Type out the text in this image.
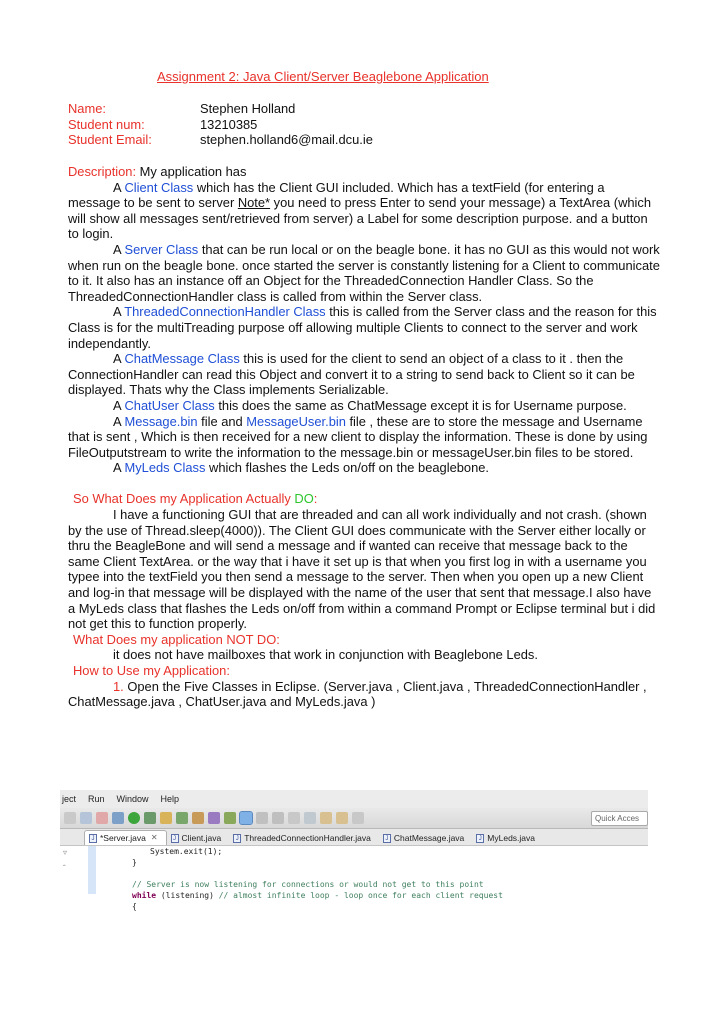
Assignment 2: Java Client/Server Beaglebone Application
Name:	Stephen Holland
Student num:	13210385
Student Email:	stephen.holland6@mail.dcu.ie

Description: My application has

A Client Class which has the Client GUI included. Which has a textField (for entering a message to be sent to server Note* you need to press Enter to send your message) a TextArea (which will show all messages sent/retrieved from server) a Label for some description purpose. and a button to login.

A Server Class that can be run local or on the beagle bone. it has no GUI as this would not work when run on the beagle bone. once started the server is constantly listening for a Client to communicate to it. It also has an instance off an Object for the ThreadedConnection Handler Class. So the ThreadedConnectionHandler class is called from within the Server class.

A ThreadedConnectionHandler Class this is called from the Server class and the reason for this Class is for the multiTreading purpose off allowing multiple Clients to connect to the server and work independantly.

A ChatMessage Class this is used for the client to send an object of a class to it . then the ConnectionHandler can read this Object and convert it to a string to send back to Client so it can be displayed. Thats why the Class implements Serializable.

A ChatUser Class this does the same as ChatMessage except it is for Username purpose.

A Message.bin file and MessageUser.bin file , these are to store the message and Username that is sent , Which is then received for a new client to display the information. These is done by using FileOutputstream to write the information to the message.bin or messageUser.bin files to be stored.

A MyLeds Class which flashes the Leds on/off on the beaglebone.

So What Does my Application Actually DO:

I have a functioning GUI that are threaded and can all work individually and not crash. (shown by the use of Thread.sleep(4000)). The Client GUI does communicate with the Server either locally or thru the BeagleBone and will send a message and if wanted can receive that message back to the same Client TextArea. or the way that i have it set up is that when you first log in with a username you typee into the textField you then send a message to the server. Then when you open up a new Client and log-in that message will be displayed with the name of the user that sent that message.I also have a MyLeds class that flashes the Leds on/off from within a command Prompt or Eclipse terminal but i did not get this to function properly.

What Does my application NOT DO:

it does not have mailboxes that work in conjunction with Beaglebone Leds.

How to Use my Application:

1. Open the Five Classes in Eclipse. (Server.java , Client.java , ThreadedConnectionHandler , ChatMessage.java , ChatUser.java and MyLeds.java )

ject Run Window Help
Quick Acces
J *Server.java ✕	J Client.java	J ThreadedConnectionHandler.java	J ChatMessage.java	J MyLeds.java
▿
ˆ
System.exit(1);
}
// Server is now listening for connections or would not get to this point
while (listening) // almost infinite loop - loop once for each client request
{
